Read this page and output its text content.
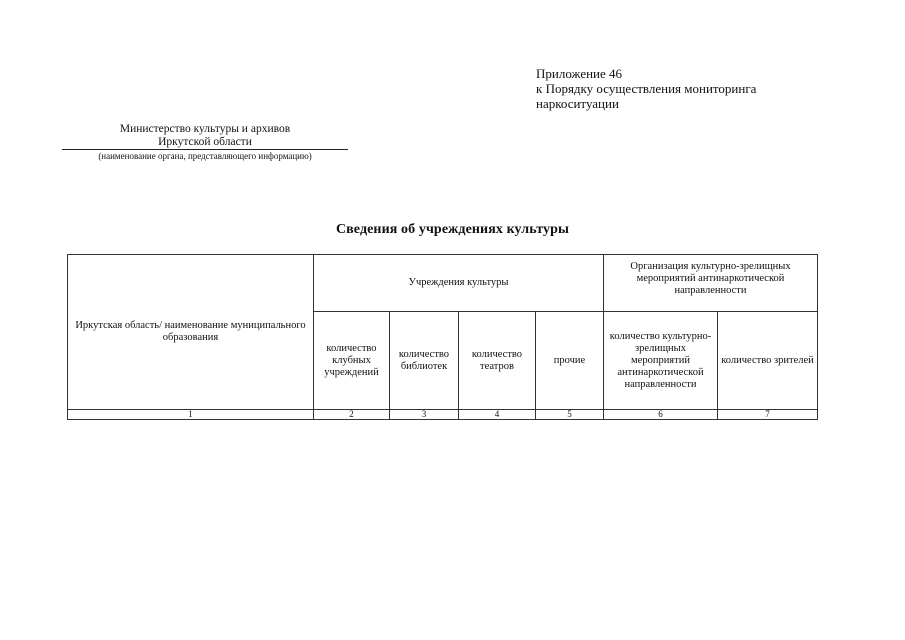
Приложение 46
к Порядку осуществления мониторинга
наркоситуации
Министерство культуры и архивов
Иркутской области
(наименование органа, представляющего информацию)
Сведения об учреждениях культуры
Иркутская область/ наименование муниципального образования	Учреждения культуры				Организация культурно-зрелищных мероприятий антинаркотической направленности	
	количество клубных учреждений	количество библиотек	количество театров	прочие	количество культурно-зрелищных мероприятий антинаркотической направленности	количество зрителей
1	2	3	4	5	6	7
